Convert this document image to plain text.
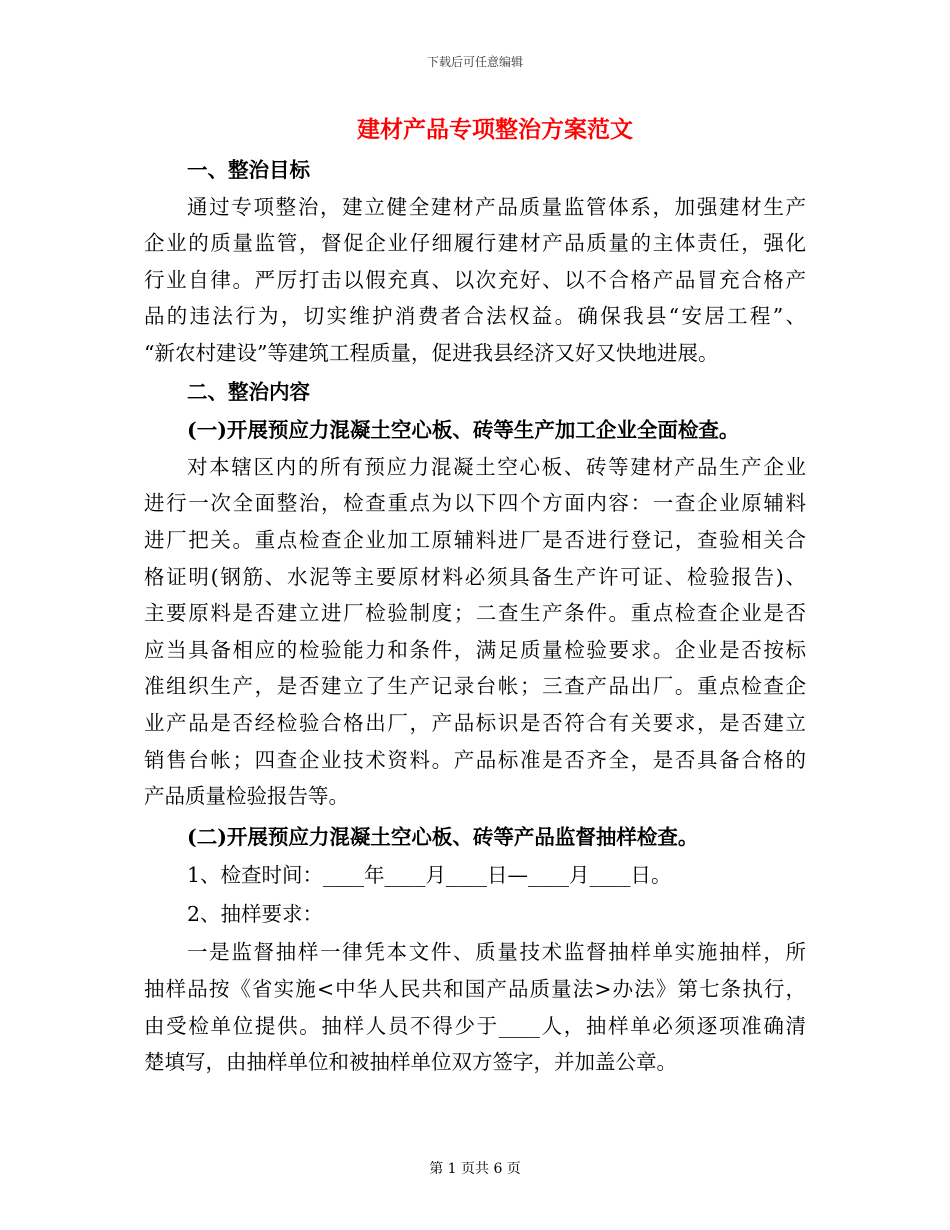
下载后可任意编辑
建材产品专项整治方案范文
一、整治目标
通过专项整治，建立健全建材产品质量监管体系，加强建材生产
企业的质量监管，督促企业仔细履行建材产品质量的主体责任，强化
行业自律。严厉打击以假充真、以次充好、以不合格产品冒充合格产
品的违法行为，切实维护消费者合法权益。确保我县“安居工程”、
“新农村建设”等建筑工程质量，促进我县经济又好又快地进展。
二、整治内容
(一)开展预应力混凝土空心板、砖等生产加工企业全面检查。
对本辖区内的所有预应力混凝土空心板、砖等建材产品生产企业
进行一次全面整治，检查重点为以下四个方面内容：一查企业原辅料
进厂把关。重点检查企业加工原辅料进厂是否进行登记，查验相关合
格证明(钢筋、水泥等主要原材料必须具备生产许可证、检验报告)、
主要原料是否建立进厂检验制度；二查生产条件。重点检查企业是否
应当具备相应的检验能力和条件，满足质量检验要求。企业是否按标
准组织生产，是否建立了生产记录台帐；三查产品出厂。重点检查企
业产品是否经检验合格出厂，产品标识是否符合有关要求，是否建立
销售台帐；四查企业技术资料。产品标准是否齐全，是否具备合格的
产品质量检验报告等。
(二)开展预应力混凝土空心板、砖等产品监督抽样检查。
1、检查时间：____年____月____日—____月____日。
2、抽样要求：
一是监督抽样一律凭本文件、质量技术监督抽样单实施抽样，所
抽样品按《省实施<中华人民共和国产品质量法>办法》第七条执行，
由受检单位提供。抽样人员不得少于____人，抽样单必须逐项准确清
楚填写，由抽样单位和被抽样单位双方签字，并加盖公章。
第 1 页共 6 页
